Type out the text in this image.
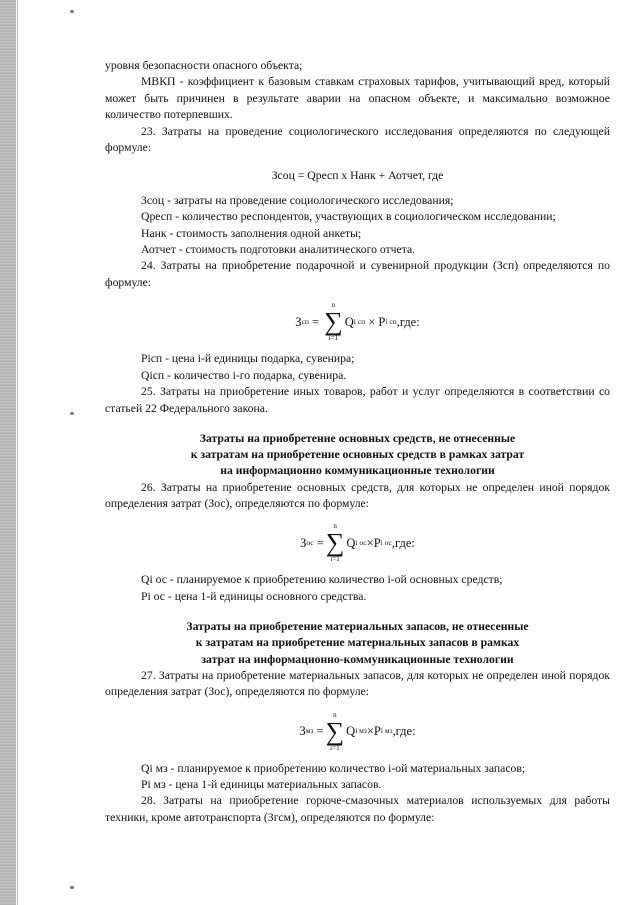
уровня безопасности опасного объекта;

МВКП - коэффициент к базовым ставкам страховых тарифов, учитывающий вред, который может быть причинен в результате аварии на опасном объекте, и максимально возможное количество потерпевших.

23. Затраты на проведение социологического исследования определяются по следующей формуле:

Зсоц = Qресп х Нанк + Аотчет, где

Зсоц - затраты на проведение социологического исследования;

Qресп - количество респондентов, участвующих в социологическом исследовании;

Нанк - стоимость заполнения одной анкеты;

Аотчет - стоимость подготовки аналитического отчета.

24. Затраты на приобретение подарочной и сувенирной продукции (Зсп) определяются по формуле:

З сп =
n
∑
i=1
Q i сп
×
P i сп ,где:

Рiсп - цена i-й единицы подарка, сувенира;

Qiсп - количество i-го подарка, сувенира.

25. Затраты на приобретение иных товаров, работ и услуг определяются в соответствии со статьей 22 Федерального закона.

Затраты на приобретение основных средств, не отнесенные
к затратам на приобретение основных средств в рамках затрат
на информационно коммуникационные технологии

26. Затраты на приобретение основных средств, для которых не определен иной порядок определения затрат (Зос), определяются по формуле:

З ос =
n
∑
i=1
Q i ос × P i ос ,где:

Qi ос - планируемое к приобретению количество i-ой основных средств;

Рi ос - цена 1-й единицы основного средства.

Затраты на приобретение материальных запасов, не отнесенные
к затратам на приобретение материальных запасов в рамках
затрат на информационно-коммуникационные технологии

27. Затраты на приобретение материальных запасов, для которых не определен иной порядок определения затрат (Зос), определяются по формуле:

З мз =
n
∑
i=1
Q i мз × P i мз ,где:

Qi мз - планируемое к приобретению количество i-ой материальных запасов;

Рi мз - цена 1-й единицы материальных запасов.

28. Затраты на приобретение горюче-смазочных материалов используемых для работы техники, кроме автотранспорта (Згсм), определяются по формуле:
